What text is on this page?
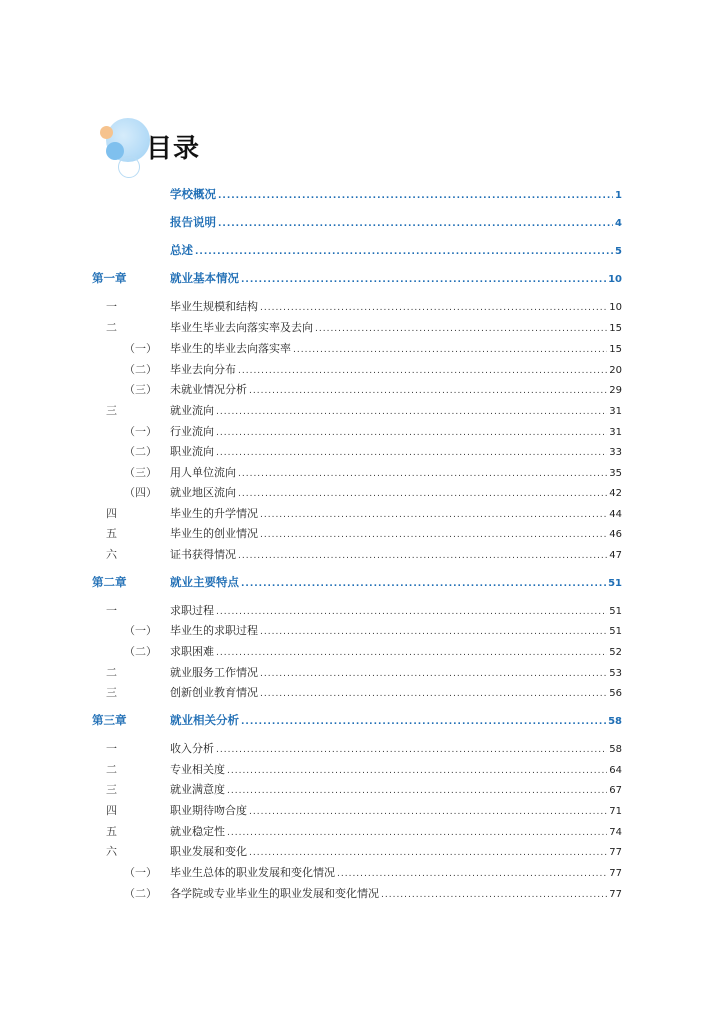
目录
学校概况 .....	1
报告说明 .....	4
总述 .....	5
第一章	就业基本情况 .....	10
一	毕业生规模和结构 .....	10
二	毕业生毕业去向落实率及去向 .....	15
（一）	毕业生的毕业去向落实率 .....	15
（二）	毕业去向分布 .....	20
（三）	未就业情况分析 .....	29
三	就业流向 .....	31
（一）	行业流向 .....	31
（二）	职业流向 .....	33
（三）	用人单位流向 .....	35
（四）	就业地区流向 .....	42
四	毕业生的升学情况 .....	44
五	毕业生的创业情况 .....	46
六	证书获得情况 .....	47
第二章	就业主要特点 .....	51
一	求职过程 .....	51
（一）	毕业生的求职过程 .....	51
（二）	求职困难 .....	52
二	就业服务工作情况 .....	53
三	创新创业教育情况 .....	56
第三章	就业相关分析 .....	58
一	收入分析 .....	58
二	专业相关度 .....	64
三	就业满意度 .....	67
四	职业期待吻合度 .....	71
五	就业稳定性 .....	74
六	职业发展和变化 .....	77
（一）	毕业生总体的职业发展和变化情况 .....	77
（二）	各学院或专业毕业生的职业发展和变化情况 .....	77
